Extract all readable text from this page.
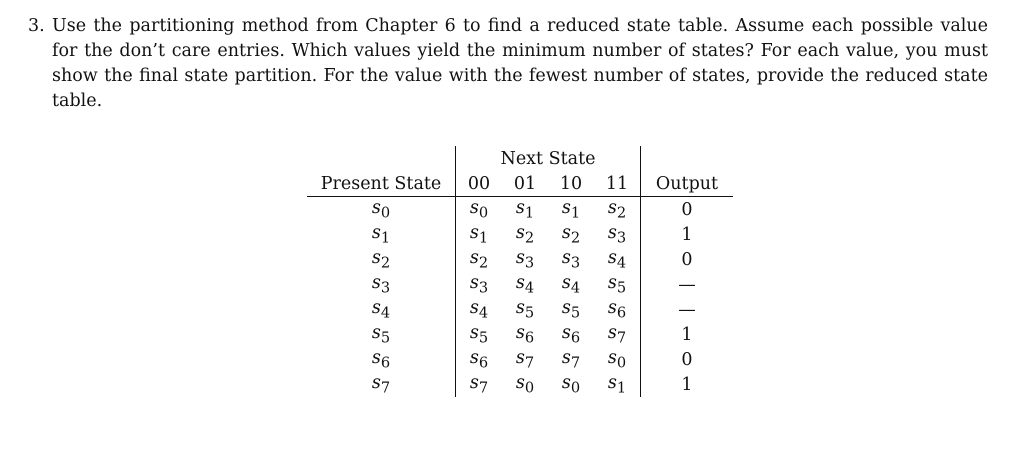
3. Use the partitioning method from Chapter 6 to find a reduced state table. Assume each possible value for the don’t care entries. Which values yield the minimum number of states? For each value, you must show the final state partition. For the value with the fewest number of states, provide the reduced state table.
	Next State				
Present State	00	01	10	11	Output
$s_0$	$s_0$	$s_1$	$s_1$	$s_2$	0
$s_1$	$s_1$	$s_2$	$s_2$	$s_3$	1
$s_2$	$s_2$	$s_3$	$s_3$	$s_4$	0
$s_3$	$s_3$	$s_4$	$s_4$	$s_5$	—
$s_4$	$s_4$	$s_5$	$s_5$	$s_6$	—
$s_5$	$s_5$	$s_6$	$s_6$	$s_7$	1
$s_6$	$s_6$	$s_7$	$s_7$	$s_0$	0
$s_7$	$s_7$	$s_0$	$s_0$	$s_1$	1
